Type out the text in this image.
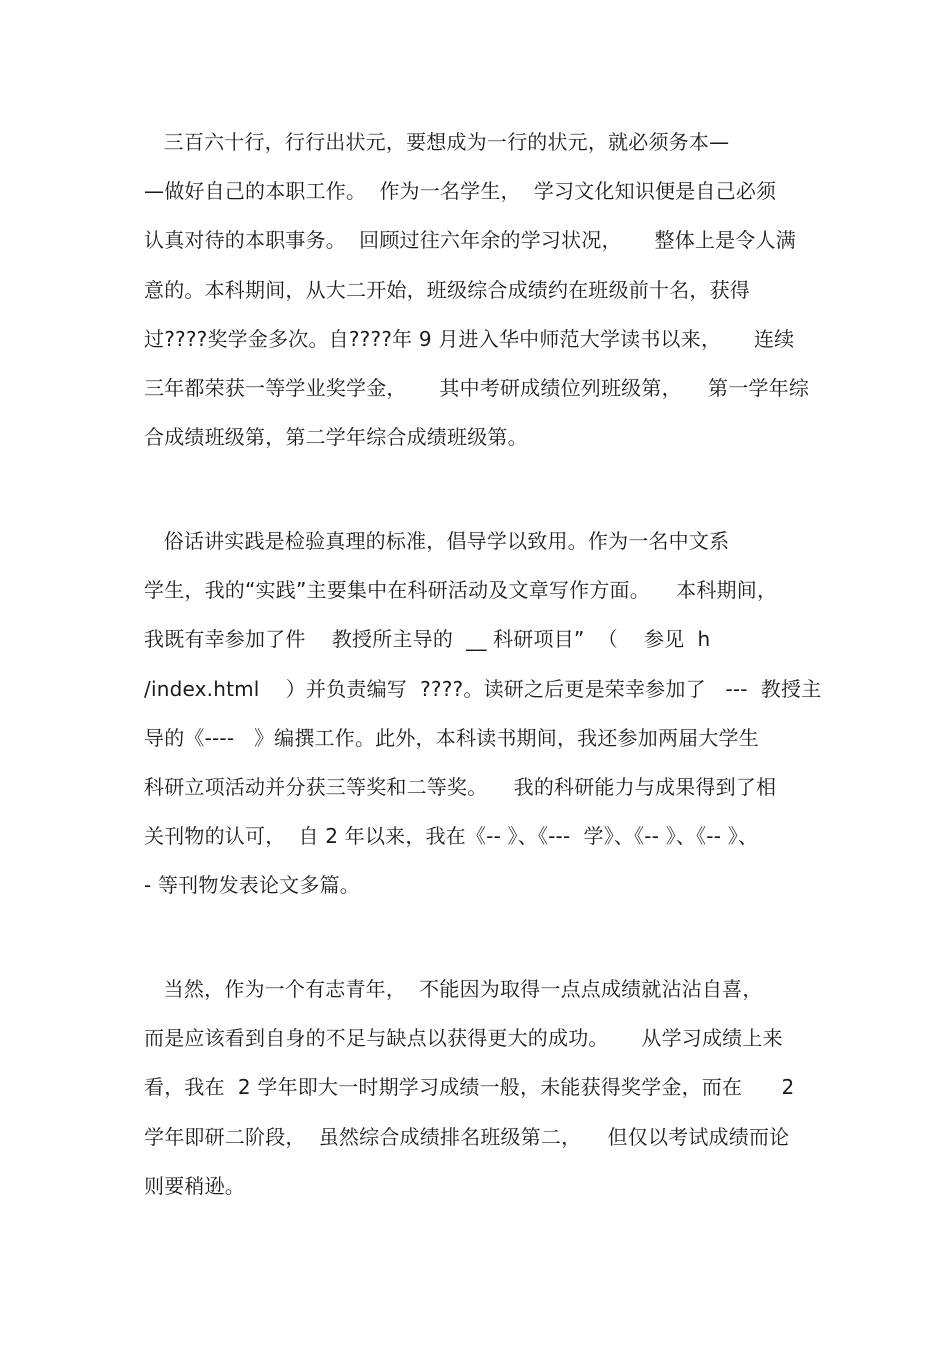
三百六十行，行行出状元，要想成为一行的状元，就必须务本—
—做好自己的本职工作。  作为一名学生，  学习文化知识便是自己必须
认真对待的本职事务。  回顾过往六年余的学习状况，     整体上是令人满
意的。本科期间，从大二开始，班级综合成绩约在班级前十名，获得
过????奖学金多次。自????年 9 月进入华中师范大学读书以来，     连续
三年都荣获一等学业奖学金，     其中考研成绩位列班级第，    第一学年综
合成绩班级第，第二学年综合成绩班级第。
俗话讲实践是检验真理的标准，倡导学以致用。作为一名中文系
学生，我的“实践”主要集中在科研活动及文章写作方面。    本科期间，
我既有幸参加了件    教授所主导的  __ 科研项目”  （    参见  h
/index.html    ）并负责编写  ????。读研之后更是荣幸参加了   ---  教授主
导的《----   》编撰工作。此外，本科读书期间，我还参加两届大学生
科研立项活动并分获三等奖和二等奖。    我的科研能力与成果得到了相
关刊物的认可，  自 2 年以来，我在《-- 》、《---  学》、《-- 》、《-- 》、
- 等刊物发表论文多篇。
当然，作为一个有志青年，  不能因为取得一点点成绩就沾沾自喜，
而是应该看到自身的不足与缺点以获得更大的成功。     从学习成绩上来
看，我在  2 学年即大一时期学习成绩一般，未能获得奖学金，而在      2
学年即研二阶段，  虽然综合成绩排名班级第二，    但仅以考试成绩而论
则要稍逊。
